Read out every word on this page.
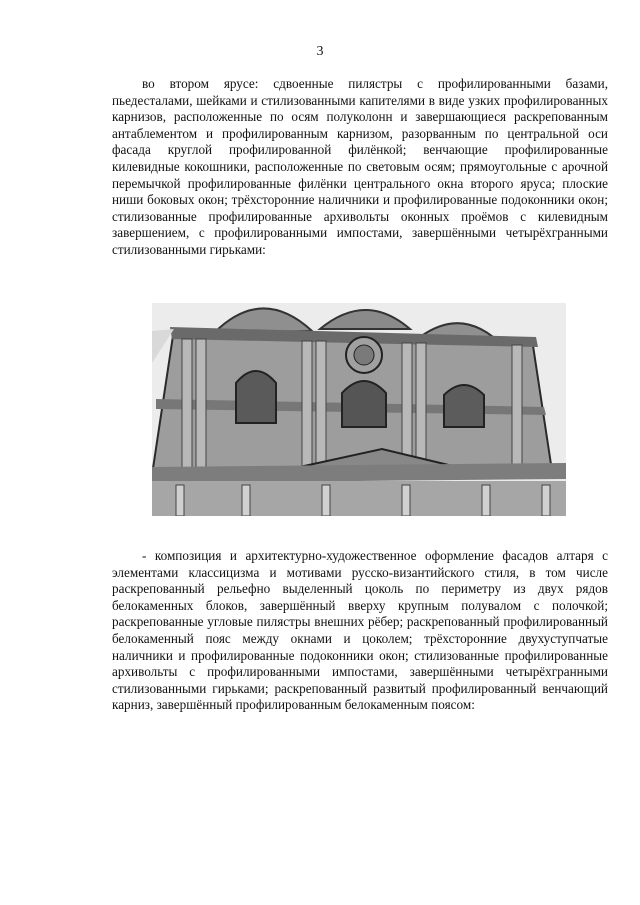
3

во втором ярусе: сдвоенные пилястры с профилированными базами, пьедесталами, шейками и стилизованными капителями в виде узких профилированных карнизов, расположенные по осям полуколонн и завершающиеся раскрепованным антаблементом и профилированным карнизом, разорванным по центральной оси фасада круглой профилированной филёнкой; венчающие профилированные килевидные кокошники, расположенные по световым осям; прямоугольные с арочной перемычкой профилированные филёнки центрального окна второго яруса; плоские ниши боковых окон; трёхсторонние наличники и профилированные подоконники окон; стилизованные профилированные архивольты оконных проёмов с килевидным завершением, с профилированными импостами, завершёнными четырёхгранными стилизованными гирьками:

- композиция и архитектурно-художественное оформление фасадов алтаря с элементами классицизма и мотивами русско-византийского стиля, в том числе раскрепованный рельефно выделенный цоколь по периметру из двух рядов белокаменных блоков, завершённый вверху крупным полувалом с полочкой; раскрепованные угловые пилястры внешних рёбер; раскрепованный профилированный белокаменный пояс между окнами и цоколем; трёхсторонние двухуступчатые наличники и профилированные подоконники окон; стилизованные профилированные архивольты с профилированными импостами, завершёнными четырёхгранными стилизованными гирьками; раскрепованный развитый профилированный венчающий карниз, завершённый профилированным белокаменным поясом:
